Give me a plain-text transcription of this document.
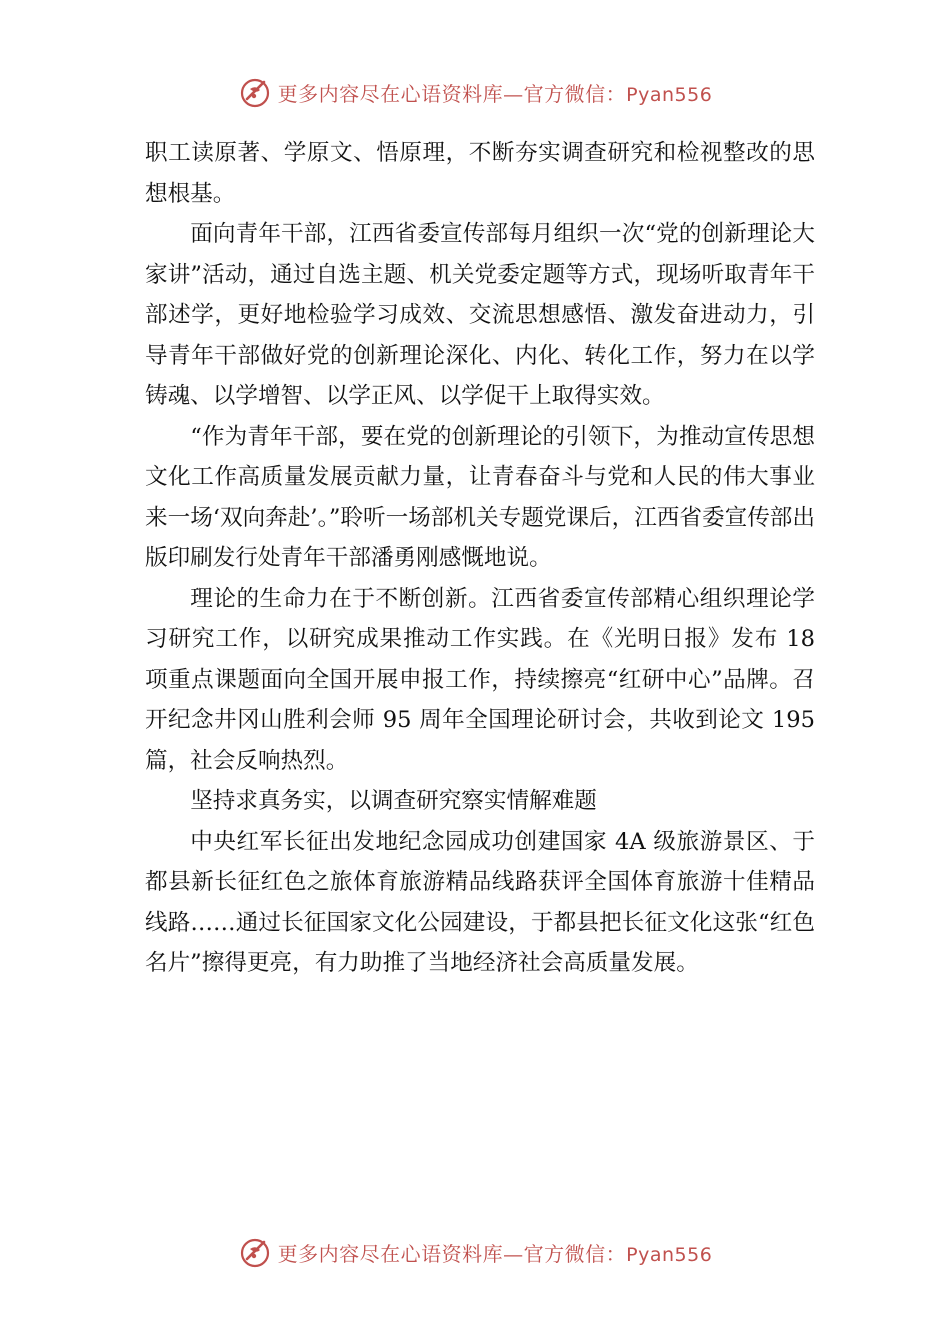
更多内容尽在心语资料库—官方微信：Pyan556

职工读原著、学原文、悟原理，不断夯实调查研究和检视整改的思想根基。

面向青年干部，江西省委宣传部每月组织一次“党的创新理论大家讲”活动，通过自选主题、机关党委定题等方式，现场听取青年干部述学，更好地检验学习成效、交流思想感悟、激发奋进动力，引导青年干部做好党的创新理论深化、内化、转化工作，努力在以学铸魂、以学增智、以学正风、以学促干上取得实效。

“作为青年干部，要在党的创新理论的引领下，为推动宣传思想文化工作高质量发展贡献力量，让青春奋斗与党和人民的伟大事业来一场‘双向奔赴’。”聆听一场部机关专题党课后，江西省委宣传部出版印刷发行处青年干部潘勇刚感慨地说。

理论的生命力在于不断创新。江西省委宣传部精心组织理论学习研究工作，以研究成果推动工作实践。在《光明日报》发布 18 项重点课题面向全国开展申报工作，持续擦亮“红研中心”品牌。召开纪念井冈山胜利会师 95 周年全国理论研讨会，共收到论文 195 篇，社会反响热烈。

坚持求真务实，以调查研究察实情解难题

中央红军长征出发地纪念园成功创建国家 4A 级旅游景区、于都县新长征红色之旅体育旅游精品线路获评全国体育旅游十佳精品线路……通过长征国家文化公园建设，于都县把长征文化这张“红色名片”擦得更亮，有力助推了当地经济社会高质量发展。

更多内容尽在心语资料库—官方微信：Pyan556
